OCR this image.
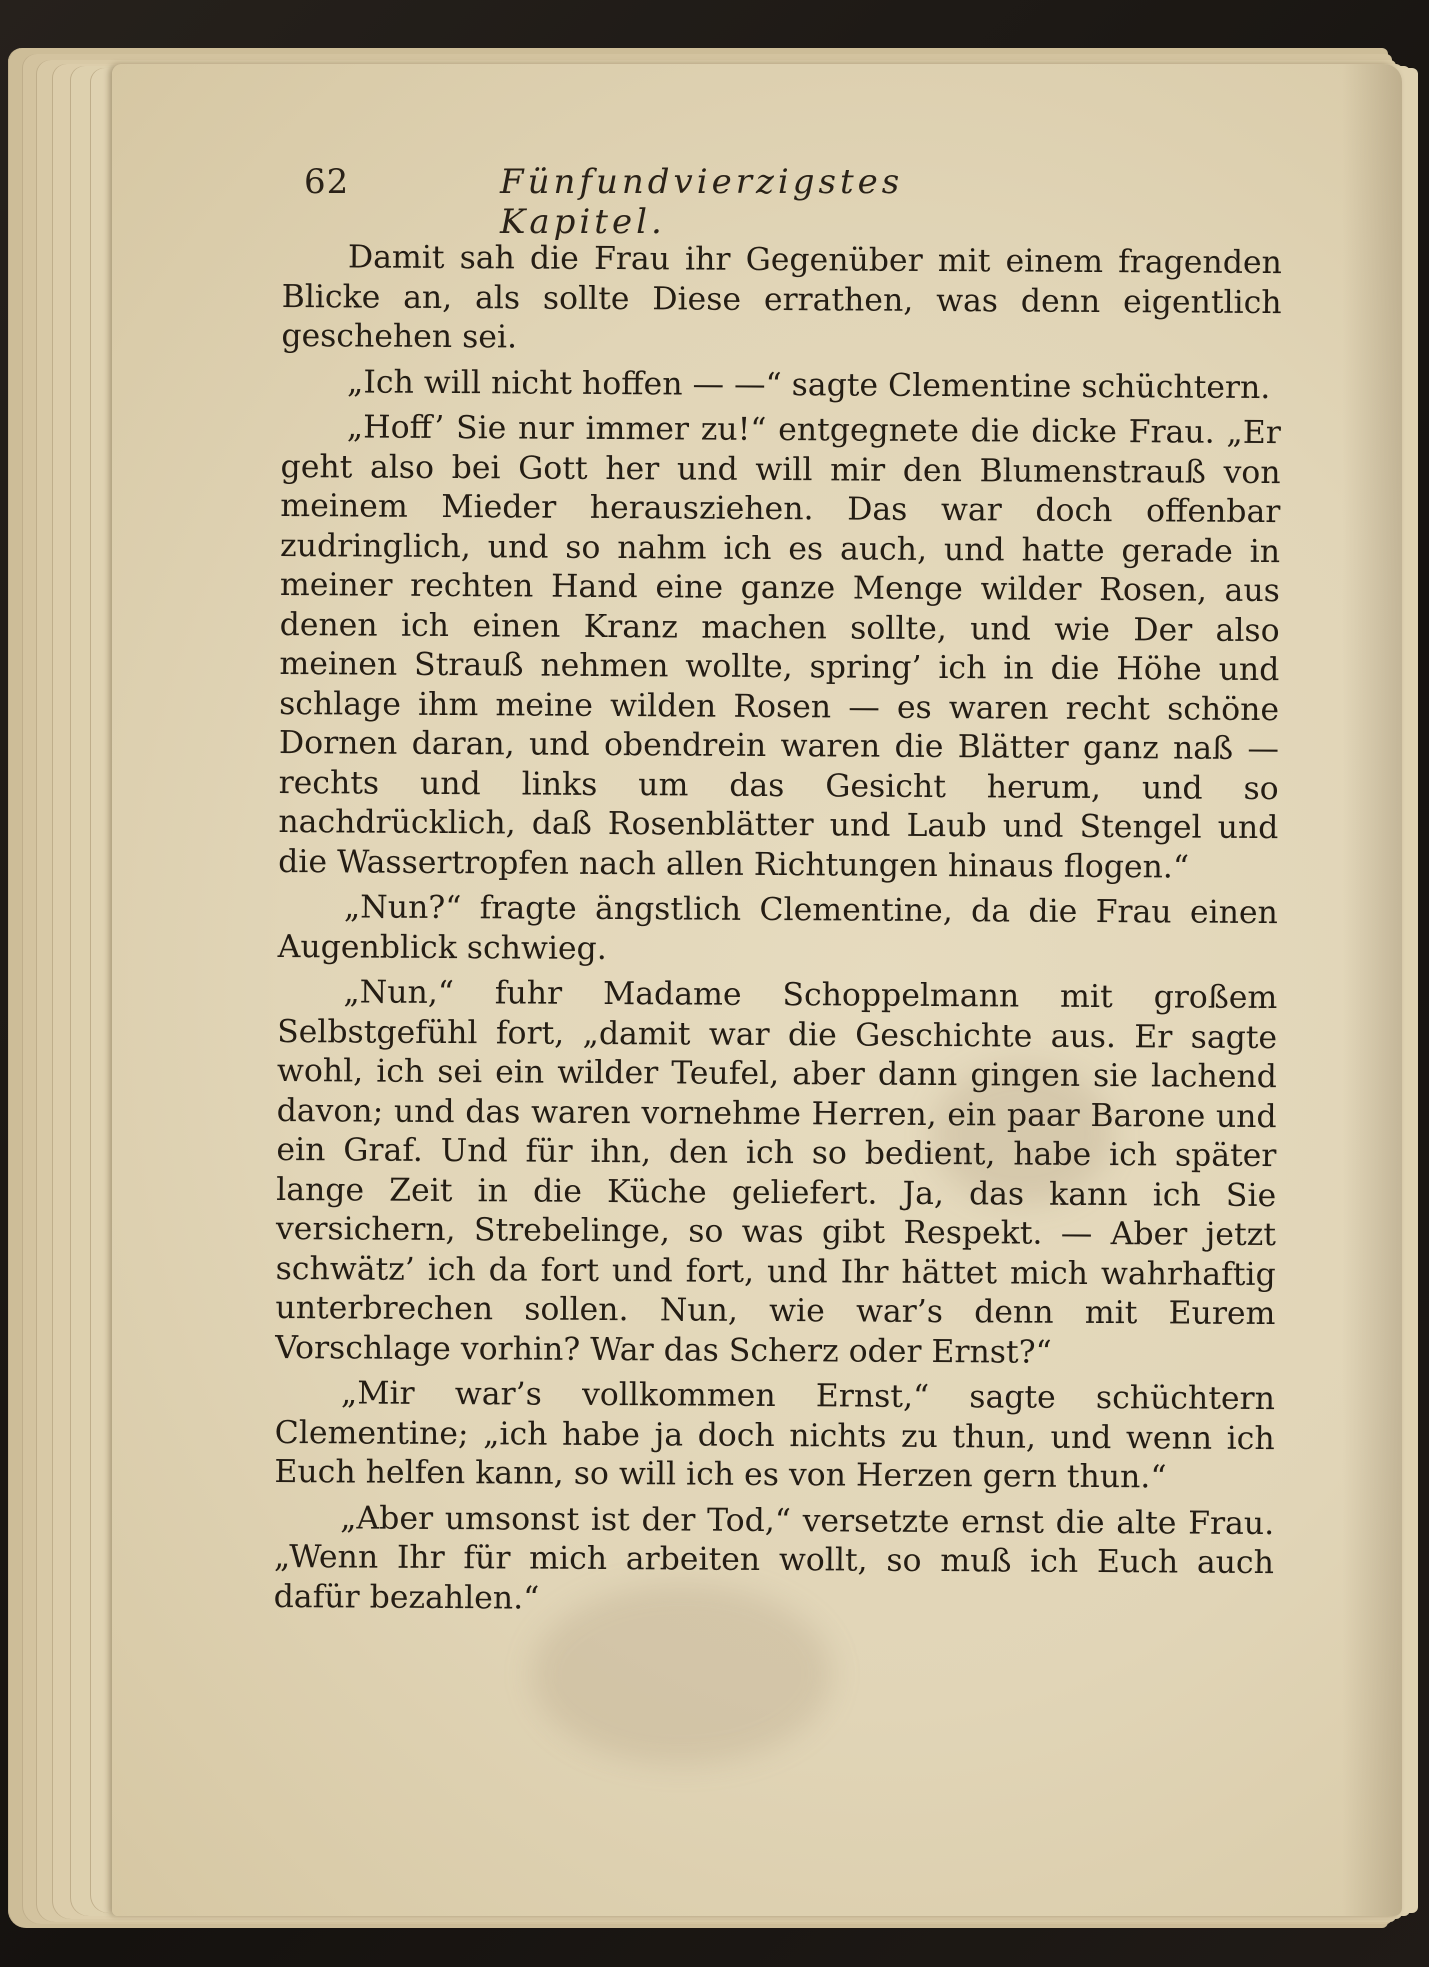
62	Fünfundvierzigstes Kapitel.

Damit sah die Frau ihr Gegenüber mit einem fragenden Blicke an, als sollte Diese errathen, was denn eigentlich geschehen sei.

„Ich will nicht hoffen — —“ sagte Clementine schüchtern.

„Hoff’ Sie nur immer zu!“ entgegnete die dicke Frau. „Er geht also bei Gott her und will mir den Blumenstrauß von meinem Mieder herausziehen. Das war doch offenbar zudringlich, und so nahm ich es auch, und hatte gerade in meiner rechten Hand eine ganze Menge wilder Rosen, aus denen ich einen Kranz machen sollte, und wie Der also meinen Strauß nehmen wollte, spring’ ich in die Höhe und schlage ihm meine wilden Rosen — es waren recht schöne Dornen daran, und obendrein waren die Blätter ganz naß — rechts und links um das Gesicht herum, und so nachdrücklich, daß Rosenblätter und Laub und Stengel und die Wassertropfen nach allen Richtungen hinaus flogen.“

„Nun?“ fragte ängstlich Clementine, da die Frau einen Augenblick schwieg.

„Nun,“ fuhr Madame Schoppelmann mit großem Selbstgefühl fort, „damit war die Geschichte aus. Er sagte wohl, ich sei ein wilder Teufel, aber dann gingen sie lachend davon; und das waren vornehme Herren, ein paar Barone und ein Graf. Und für ihn, den ich so bedient, habe ich später lange Zeit in die Küche geliefert. Ja, das kann ich Sie versichern, Strebelinge, so was gibt Respekt. — Aber jetzt schwätz’ ich da fort und fort, und Ihr hättet mich wahrhaftig unterbrechen sollen. Nun, wie war’s denn mit Eurem Vorschlage vorhin? War das Scherz oder Ernst?“

„Mir war’s vollkommen Ernst,“ sagte schüchtern Clementine; „ich habe ja doch nichts zu thun, und wenn ich Euch helfen kann, so will ich es von Herzen gern thun.“

„Aber umsonst ist der Tod,“ versetzte ernst die alte Frau. „Wenn Ihr für mich arbeiten wollt, so muß ich Euch auch dafür bezahlen.“
